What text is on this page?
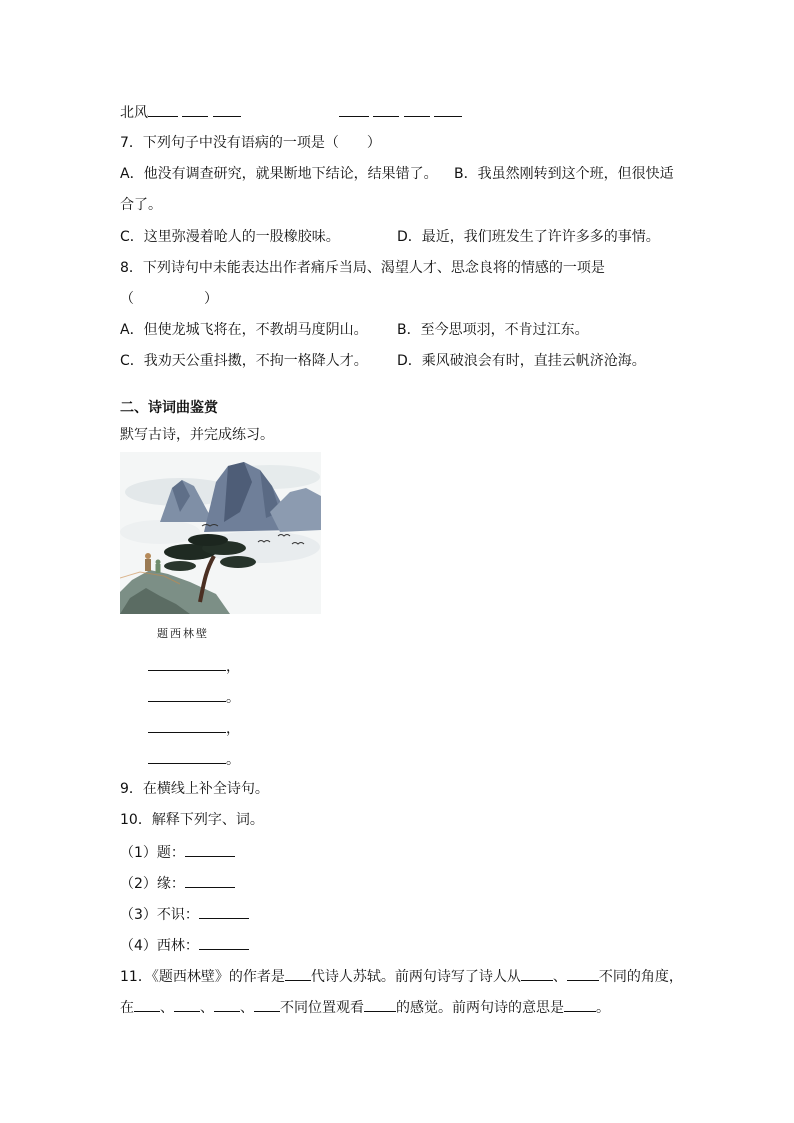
北风
7．下列句子中没有语病的一项是（　　）
A．他没有调查研究，就果断地下结论，结果错了。 B．我虽然刚转到这个班，但很快适
合了。
C．这里弥漫着呛人的一股橡胶味。	D．最近，我们班发生了许许多多的事情。
8．下列诗句中未能表达出作者痛斥当局、渴望人才、思念良将的情感的一项是
（　　　　　）
A．但使龙城飞将在，不教胡马度阴山。 B．至今思项羽，不肯过江东。
C．我劝天公重抖擞，不拘一格降人才。 D．乘风破浪会有时，直挂云帆济沧海。
二、诗词曲鉴赏
默写古诗，并完成练习。
题西林壁
，
。
，
。
9．在横线上补全诗句。
10．解释下列字、词。
（1）题：
（2）缘：
（3）不识：
（4）西林：
11．《题西林壁》的作者是 代诗人苏轼。前两句诗写了诗人从 、 不同的角度，
在 、 、 、 不同位置观看 的感觉。前两句诗的意思是 。
